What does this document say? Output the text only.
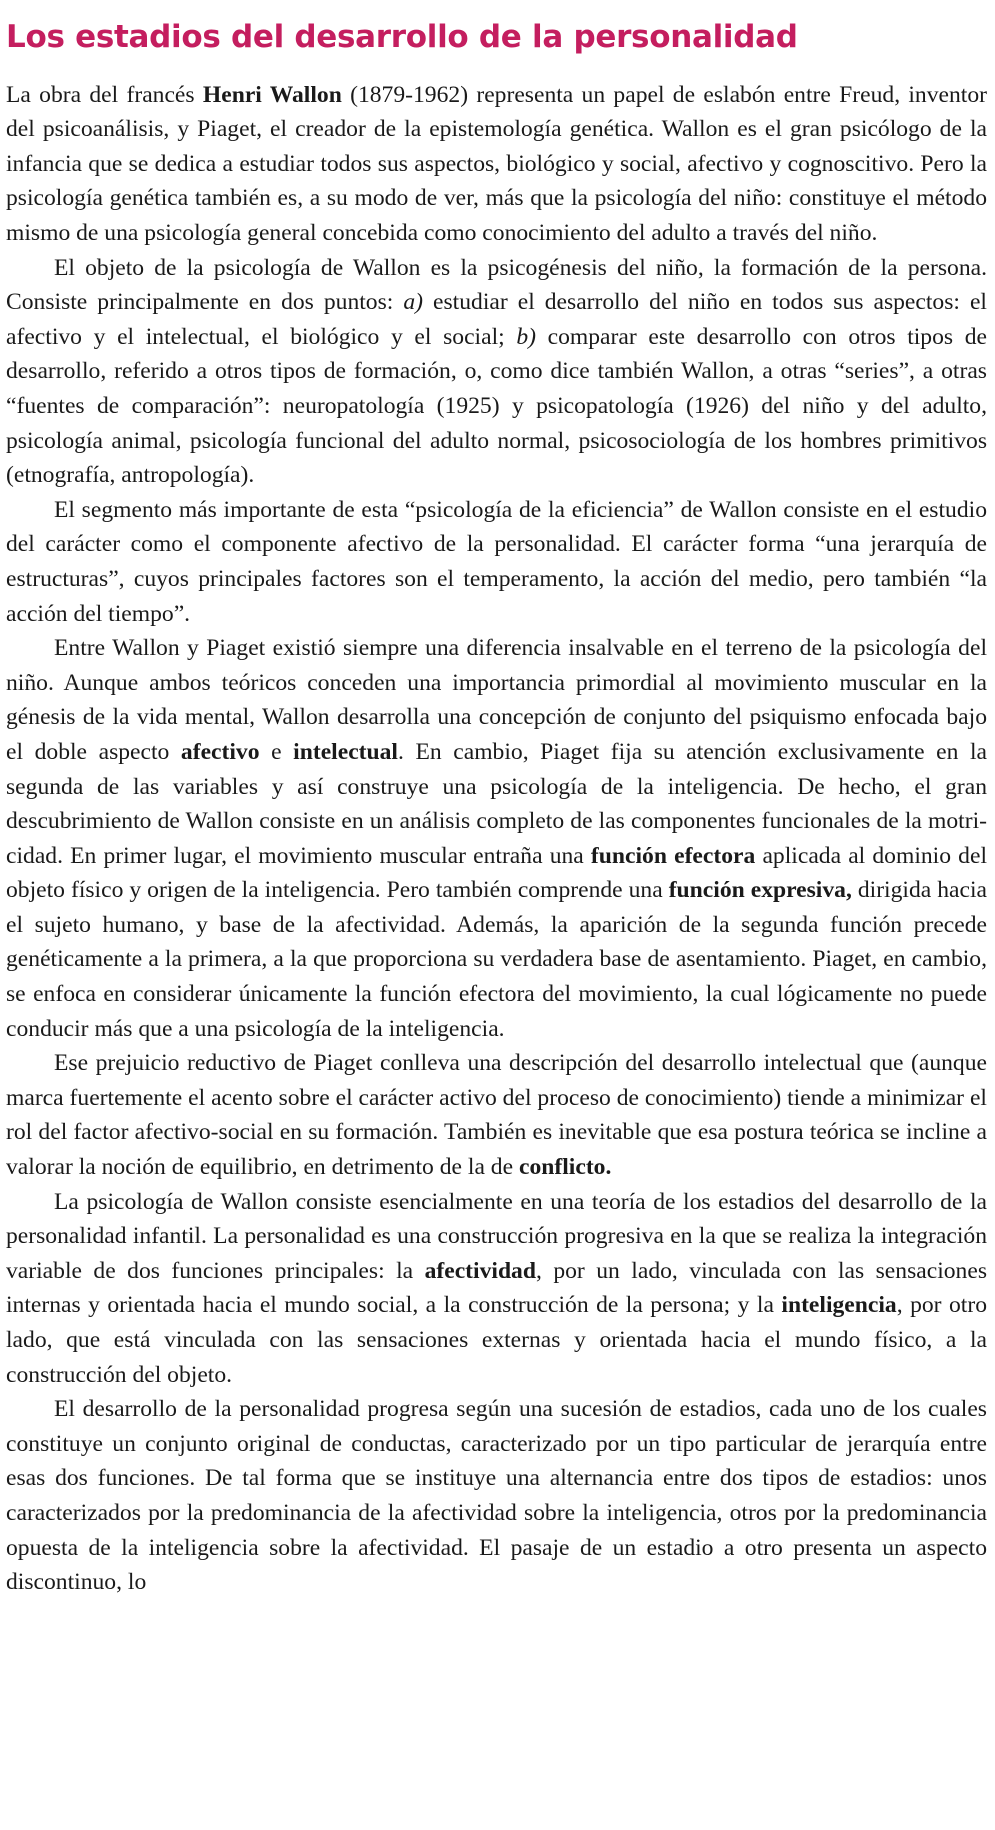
Los estadios del desarrollo de la personalidad

La obra del francés Henri Wallon (1879-1962) representa un papel de eslabón entre Freud, inventor del psicoanálisis, y Piaget, el creador de la epistemología genética. Wallon es el gran psicólogo de la infancia que se dedica a estudiar todos sus aspectos, biológico y social, afectivo y cognoscitivo. Pero la psicología genética también es, a su modo de ver, más que la psicología del niño: constituye el método mismo de una psicología general concebida como conocimiento del adulto a través del niño.

El objeto de la psicología de Wallon es la psicogénesis del niño, la formación de la persona. Consiste principalmente en dos puntos: a) estudiar el desarrollo del niño en todos sus aspectos: el afectivo y el intelectual, el biológico y el social; b) comparar este desarrollo con otros tipos de desarrollo, referido a otros tipos de formación, o, como dice también Wallon, a otras “series”, a otras “fuentes de comparación”: neuropatología (1925) y psicopatología (1926) del niño y del adulto, psicología animal, psicología funcional del adulto normal, psicosociología de los hombres primitivos (etnografía, antropología).

El segmento más importante de esta “psicología de la eficiencia” de Wallon consiste en el estudio del carácter como el componente afectivo de la personalidad. El carácter forma “una jerarquía de estructuras”, cuyos principales factores son el temperamento, la acción del medio, pero también “la acción del tiempo”.

Entre Wallon y Piaget existió siempre una diferencia insalvable en el terreno de la psicología del niño. Aunque ambos teóricos conceden una importancia primordial al movimiento muscular en la génesis de la vida mental, Wallon desarrolla una concepción de conjunto del psiquismo enfocada bajo el doble aspecto afectivo e intelectual. En cambio, Piaget fija su atención exclusivamente en la segunda de las variables y así construye una psicología de la inteligencia. De hecho, el gran descubrimiento de Wallon consiste en un análisis completo de las componentes funcionales de la motricidad. En primer lugar, el movimiento muscular entraña una función efectora aplicada al dominio del objeto físico y origen de la inteligencia. Pero también comprende una función expresiva, dirigida hacia el sujeto humano, y base de la afectividad. Además, la aparición de la segunda función precede genéticamente a la primera, a la que proporciona su verdadera base de asentamiento. Piaget, en cambio, se enfoca en considerar únicamente la función efectora del movimiento, la cual lógicamente no puede conducir más que a una psicología de la inteligencia.

Ese prejuicio reductivo de Piaget conlleva una descripción del desarrollo intelectual que (aunque marca fuertemente el acento sobre el carácter activo del proceso de conocimiento) tiende a minimizar el rol del factor afectivo-social en su formación. También es inevitable que esa postura teórica se incline a valorar la noción de equilibrio, en detrimento de la de conflicto.

La psicología de Wallon consiste esencialmente en una teoría de los estadios del desarrollo de la personalidad infantil. La personalidad es una construcción progresiva en la que se realiza la integración variable de dos funciones principales: la afectividad, por un lado, vinculada con las sensaciones internas y orientada hacia el mundo social, a la construcción de la persona; y la inteligencia, por otro lado, que está vinculada con las sensaciones externas y orientada hacia el mundo físico, a la construcción del objeto.

El desarrollo de la personalidad progresa según una sucesión de estadios, cada uno de los cuales constituye un conjunto original de conductas, caracterizado por un tipo particular de jerarquía entre esas dos funciones. De tal forma que se instituye una alternancia entre dos tipos de estadios: unos caracterizados por la predominancia de la afectividad sobre la inteligencia, otros por la predominancia opuesta de la inteligencia sobre la afectividad. El pasaje de un estadio a otro presenta un aspecto discontinuo, lo
